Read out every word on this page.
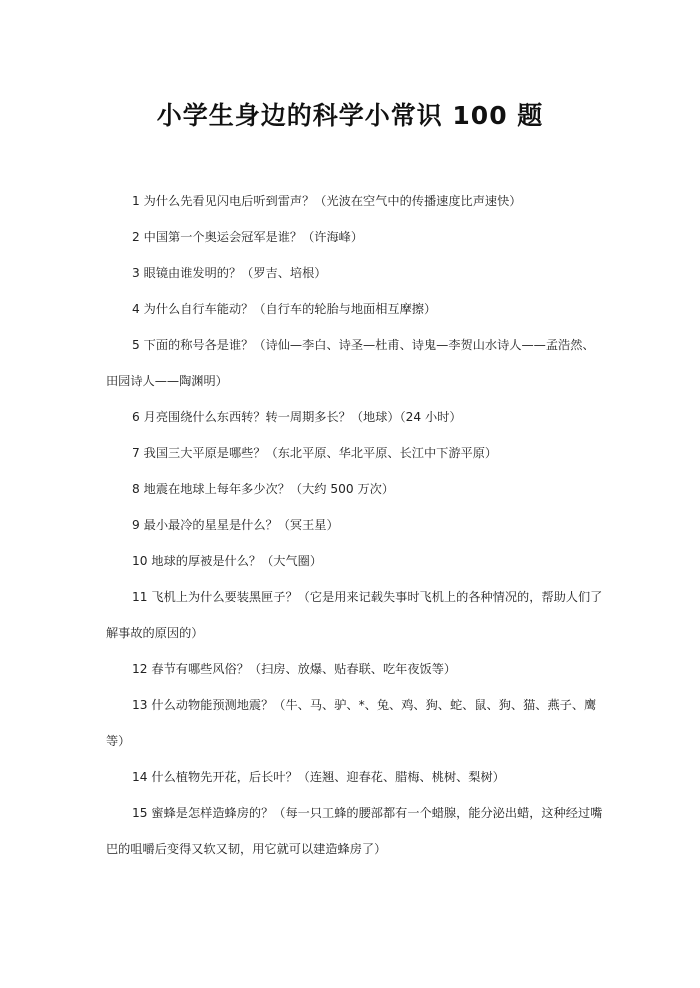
小学生身边的科学小常识 100 题
1 为什么先看见闪电后听到雷声？（光波在空气中的传播速度比声速快）
2 中国第一个奥运会冠军是谁？（许海峰）
3 眼镜由谁发明的？（罗吉、培根）
4 为什么自行车能动？（自行车的轮胎与地面相互摩擦）
5 下面的称号各是谁？（诗仙—李白、诗圣—杜甫、诗鬼—李贺山水诗人——孟浩然、田园诗人——陶渊明）
6 月亮围绕什么东西转？转一周期多长？（地球）（24 小时）
7 我国三大平原是哪些？（东北平原、华北平原、长江中下游平原）
8 地震在地球上每年多少次？（大约 500 万次）
9 最小最冷的星星是什么？（冥王星）
10 地球的厚被是什么？（大气圈）
11 飞机上为什么要装黑匣子？（它是用来记载失事时飞机上的各种情况的，帮助人们了解事故的原因的）
12 春节有哪些风俗？（扫房、放爆、贴春联、吃年夜饭等）
13 什么动物能预测地震？（牛、马、驴、*、兔、鸡、狗、蛇、鼠、狗、猫、燕子、鹰等）
14 什么植物先开花，后长叶？（连翘、迎春花、腊梅、桃树、梨树）
15 蜜蜂是怎样造蜂房的？（每一只工蜂的腰部都有一个蜡腺，能分泌出蜡，这种经过嘴巴的咀嚼后变得又软又韧，用它就可以建造蜂房了）
